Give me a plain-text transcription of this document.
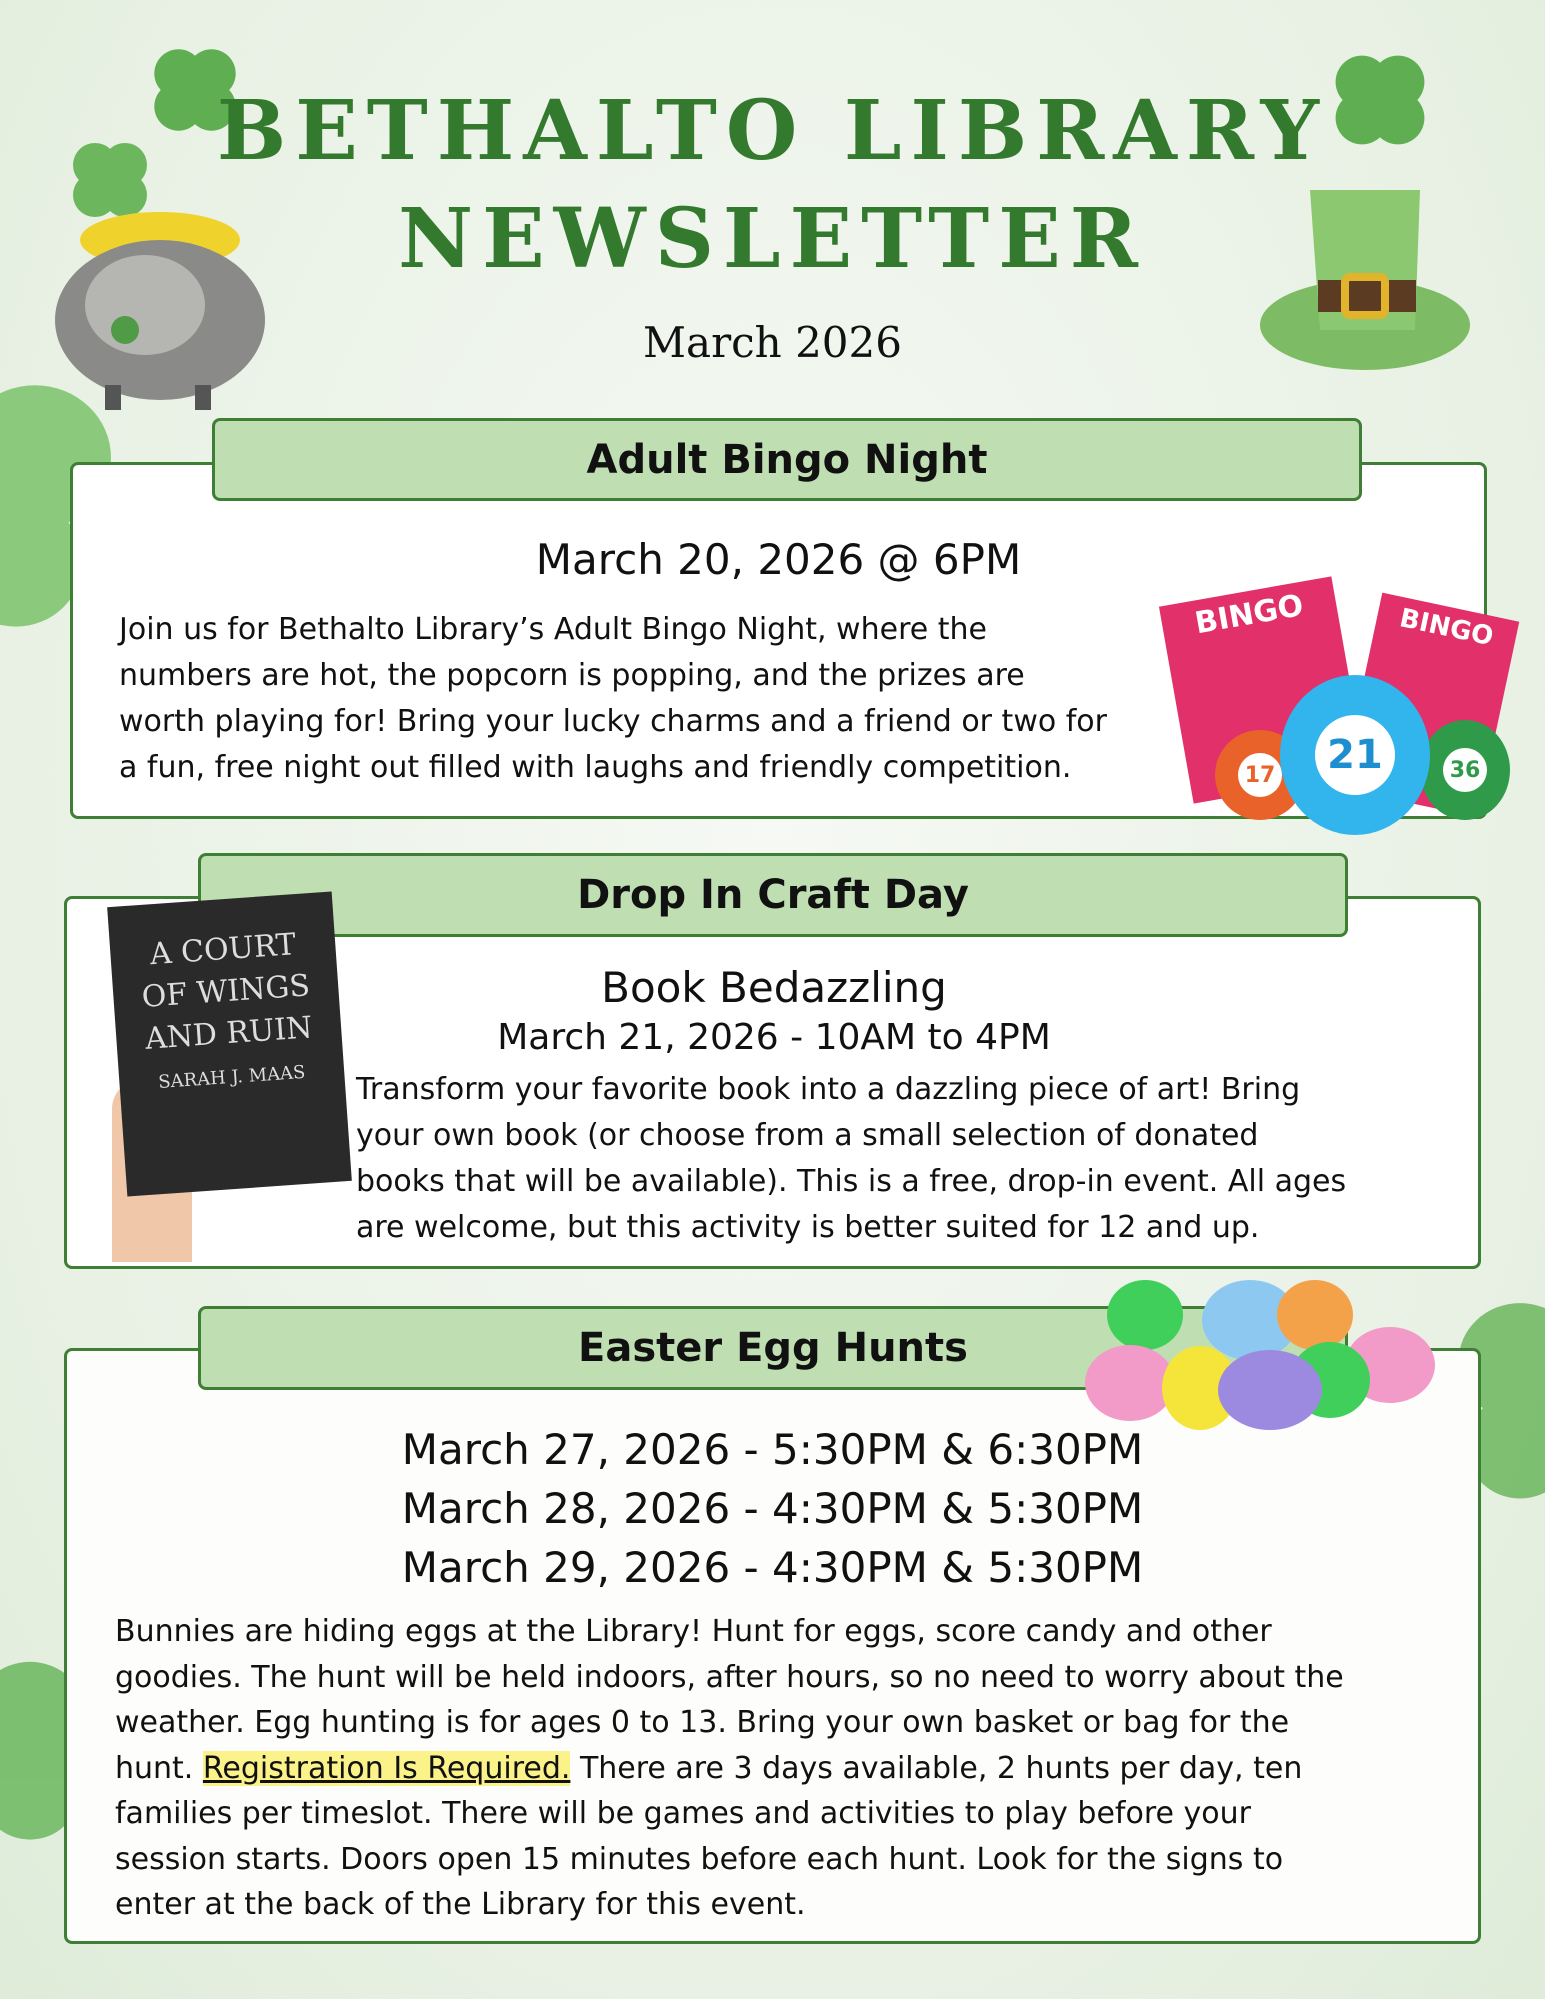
BETHALTO LIBRARY
NEWSLETTER
March 2026
Adult Bingo Night
March 20, 2026 @ 6PM
Join us for Bethalto Library’s Adult Bingo Night, where the
numbers are hot, the popcorn is popping, and the prizes are
worth playing for! Bring your lucky charms and a friend or two for
a fun, free night out filled with laughs and friendly competition.
BINGO	BINGO
17	36
21
Drop In Craft Day
A COURT OF WINGS AND RUIN
SARAH J. MAAS
Book Bedazzling
March 21, 2026 - 10AM to 4PM
Transform your favorite book into a dazzling piece of art! Bring
your own book (or choose from a small selection of donated
books that will be available). This is a free, drop-in event. All ages
are welcome, but this activity is better suited for 12 and up.
Easter Egg Hunts
March 27, 2026 - 5:30PM & 6:30PM
March 28, 2026 - 4:30PM & 5:30PM
March 29, 2026 - 4:30PM & 5:30PM
Bunnies are hiding eggs at the Library! Hunt for eggs, score candy and other
goodies. The hunt will be held indoors, after hours, so no need to worry about the
weather. Egg hunting is for ages 0 to 13. Bring your own basket or bag for the
hunt. Registration Is Required. There are 3 days available, 2 hunts per day, ten
families per timeslot. There will be games and activities to play before your
session starts. Doors open 15 minutes before each hunt. Look for the signs to
enter at the back of the Library for this event.
